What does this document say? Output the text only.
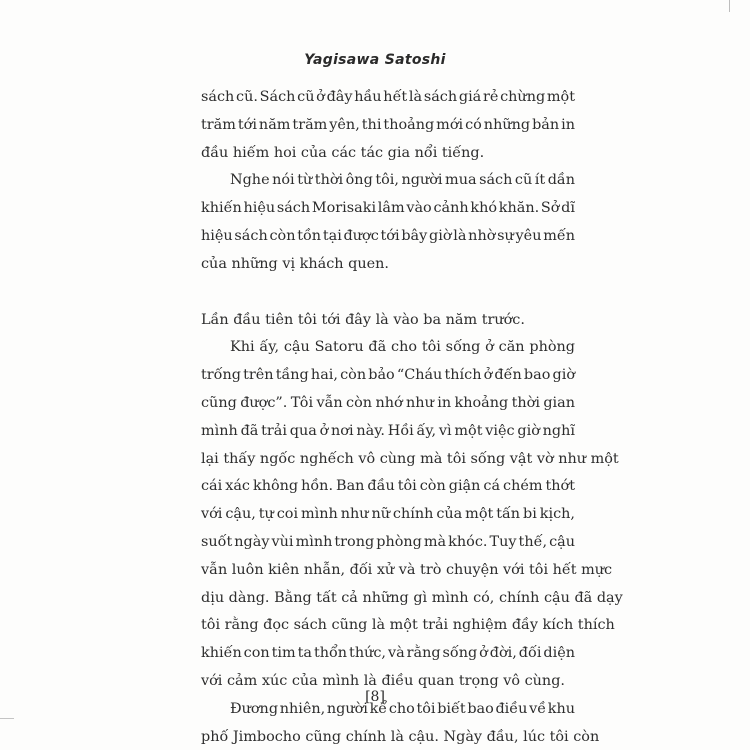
Yagisawa Satoshi
sách cũ. Sách cũ ở đây hầu hết là sách giá rẻ chừng một
trăm tới năm trăm yên, thi thoảng mới có những bản in
đầu hiếm hoi của các tác gia nổi tiếng.
Nghe nói từ thời ông tôi, người mua sách cũ ít dần
khiến hiệu sách Morisaki lâm vào cảnh khó khăn. Sở dĩ
hiệu sách còn tồn tại được tới bây giờ là nhờ sự yêu mến
của những vị khách quen.
Lần đầu tiên tôi tới đây là vào ba năm trước.
Khi ấy, cậu Satoru đã cho tôi sống ở căn phòng
trống trên tầng hai, còn bảo “Cháu thích ở đến bao giờ
cũng được”. Tôi vẫn còn nhớ như in khoảng thời gian
mình đã trải qua ở nơi này. Hồi ấy, vì một việc giờ nghĩ
lại thấy ngốc nghếch vô cùng mà tôi sống vật vờ như một
cái xác không hồn. Ban đầu tôi còn giận cá chém thớt
với cậu, tự coi mình như nữ chính của một tấn bi kịch,
suốt ngày vùi mình trong phòng mà khóc. Tuy thế, cậu
vẫn luôn kiên nhẫn, đối xử và trò chuyện với tôi hết mực
dịu dàng. Bằng tất cả những gì mình có, chính cậu đã dạy
tôi rằng đọc sách cũng là một trải nghiệm đầy kích thích
khiến con tim ta thổn thức, và rằng sống ở đời, đối diện
với cảm xúc của mình là điều quan trọng vô cùng.
Đương nhiên, người kể cho tôi biết bao điều về khu
phố Jimbocho cũng chính là cậu. Ngày đầu, lúc tôi còn
[8]
